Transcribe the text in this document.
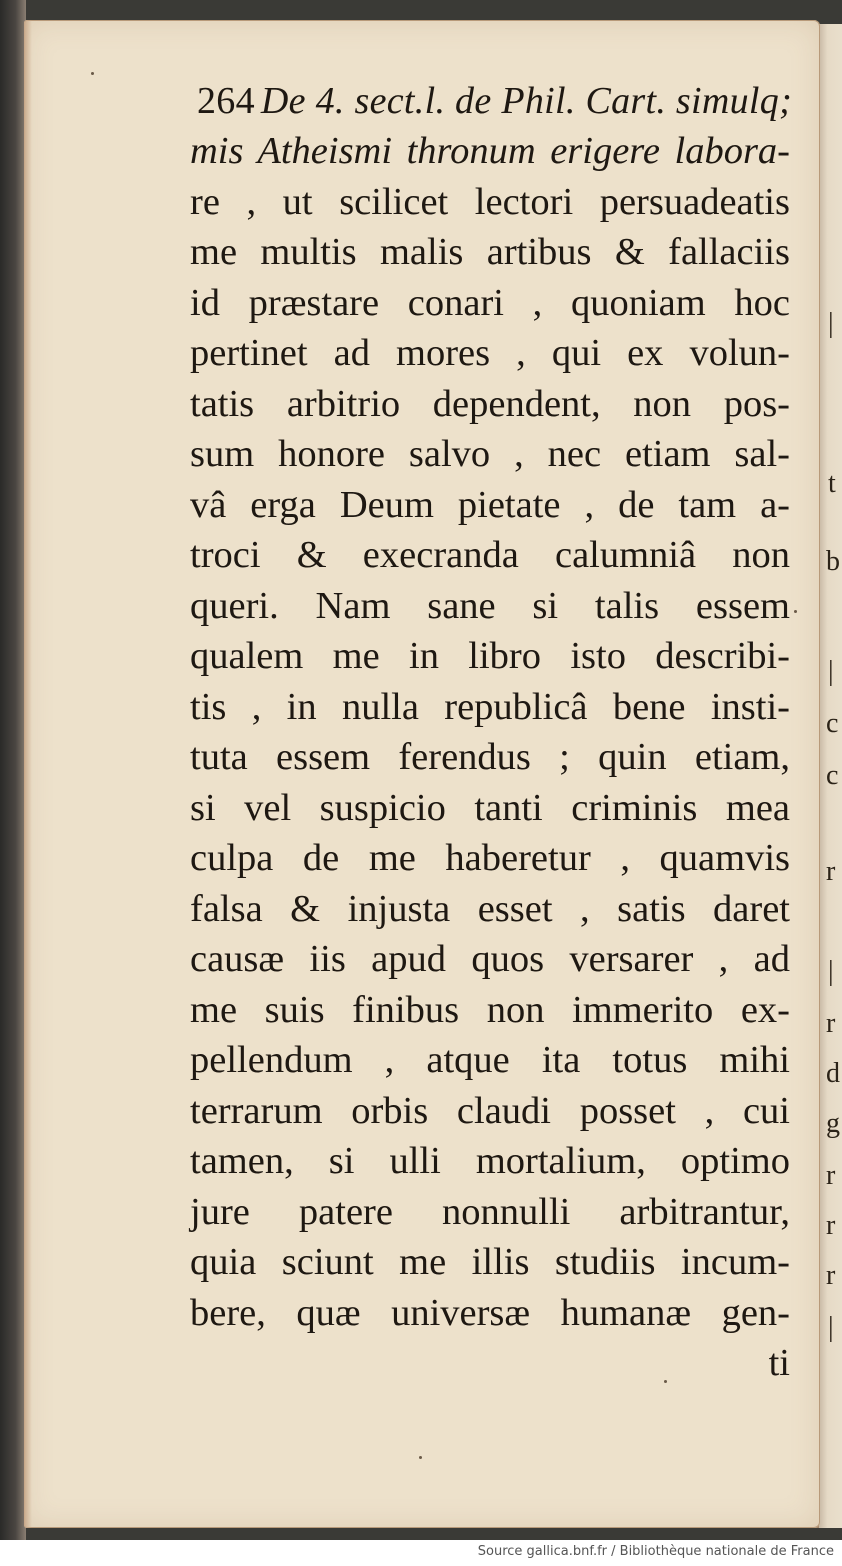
|
t
b
|
c
c
r
|
r
d
g
r
r
r
|
264 De 4. sect.l. de Phil. Cart. simulq;
mis Atheismi thronum erigere labora-
re , ut scilicet lectori persuadeatis
me multis malis artibus & fallaciis
id præstare conari , quoniam hoc
pertinet ad mores , qui ex volun-
tatis arbitrio dependent, non pos-
sum honore salvo , nec etiam sal-
vâ erga Deum pietate , de tam a-
troci & execranda calumniâ non
queri. Nam sane si talis essem
qualem me in libro isto describi-
tis , in nulla republicâ bene insti-
tuta essem ferendus ; quin etiam,
si vel suspicio tanti criminis mea
culpa de me haberetur , quamvis
falsa & injusta esset , satis daret
causæ iis apud quos versarer , ad
me suis finibus non immerito ex-
pellendum , atque ita totus mihi
terrarum orbis claudi posset , cui
tamen, si ulli mortalium, optimo
jure patere nonnulli arbitrantur,
quia sciunt me illis studiis incum-
bere, quæ universæ humanæ gen-
ti
Source gallica.bnf.fr / Bibliothèque nationale de France
